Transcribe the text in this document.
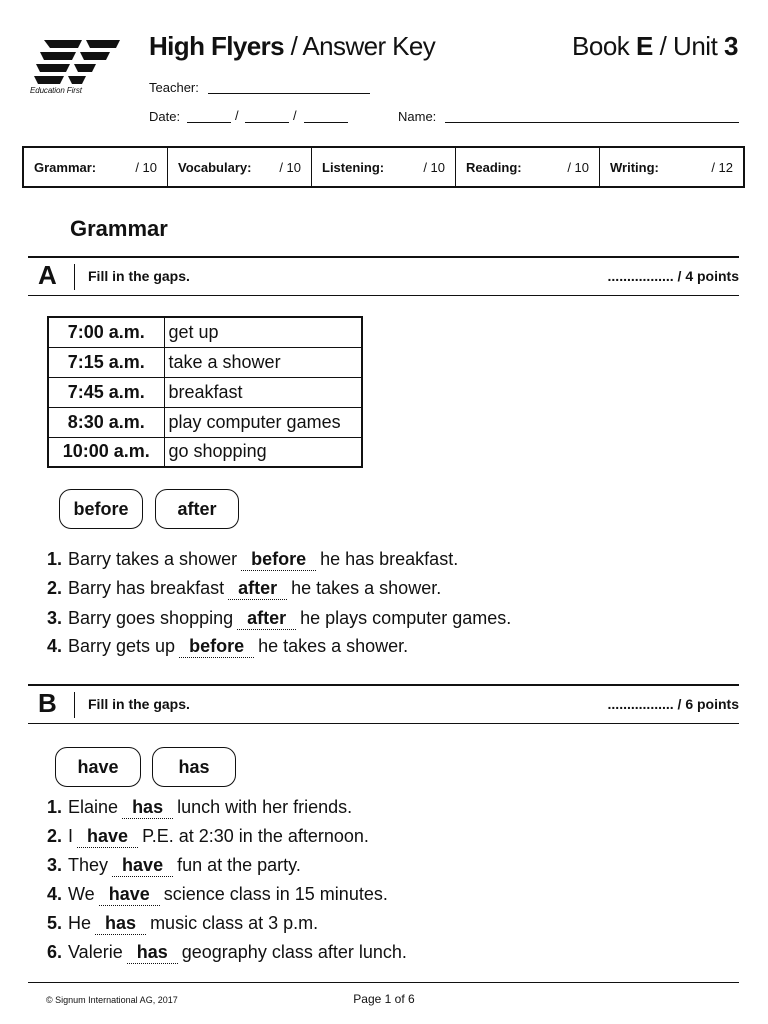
Education First
High Flyers / Answer Key	Book E / Unit 3
Teacher:
Date:	/	/	Name:
Grammar:	/ 10 Vocabulary: / 10 Listening:	/ 10 Reading:	/ 10 Writing:	/ 12
Grammar
A Fill in the gaps.	................. / 4 points
7:00 a.m.	get up
7:15 a.m.	take a shower
7:45 a.m.	breakfast
8:30 a.m.	play computer games
10:00 a.m.	go shopping
before	after
1. Barry takes a shower before he has breakfast.
2. Barry has breakfast after he takes a shower.
3. Barry goes shopping after he plays computer games.
4. Barry gets up before he takes a shower.
B Fill in the gaps.	................. / 6 points
have	has
1. Elaine has lunch with her friends.
2. I have P.E. at 2:30 in the afternoon.
3. They have fun at the party.
4. We have science class in 15 minutes.
5. He has music class at 3 p.m.
6. Valerie has geography class after lunch.
© Signum International AG, 2017	Page 1 of 6
